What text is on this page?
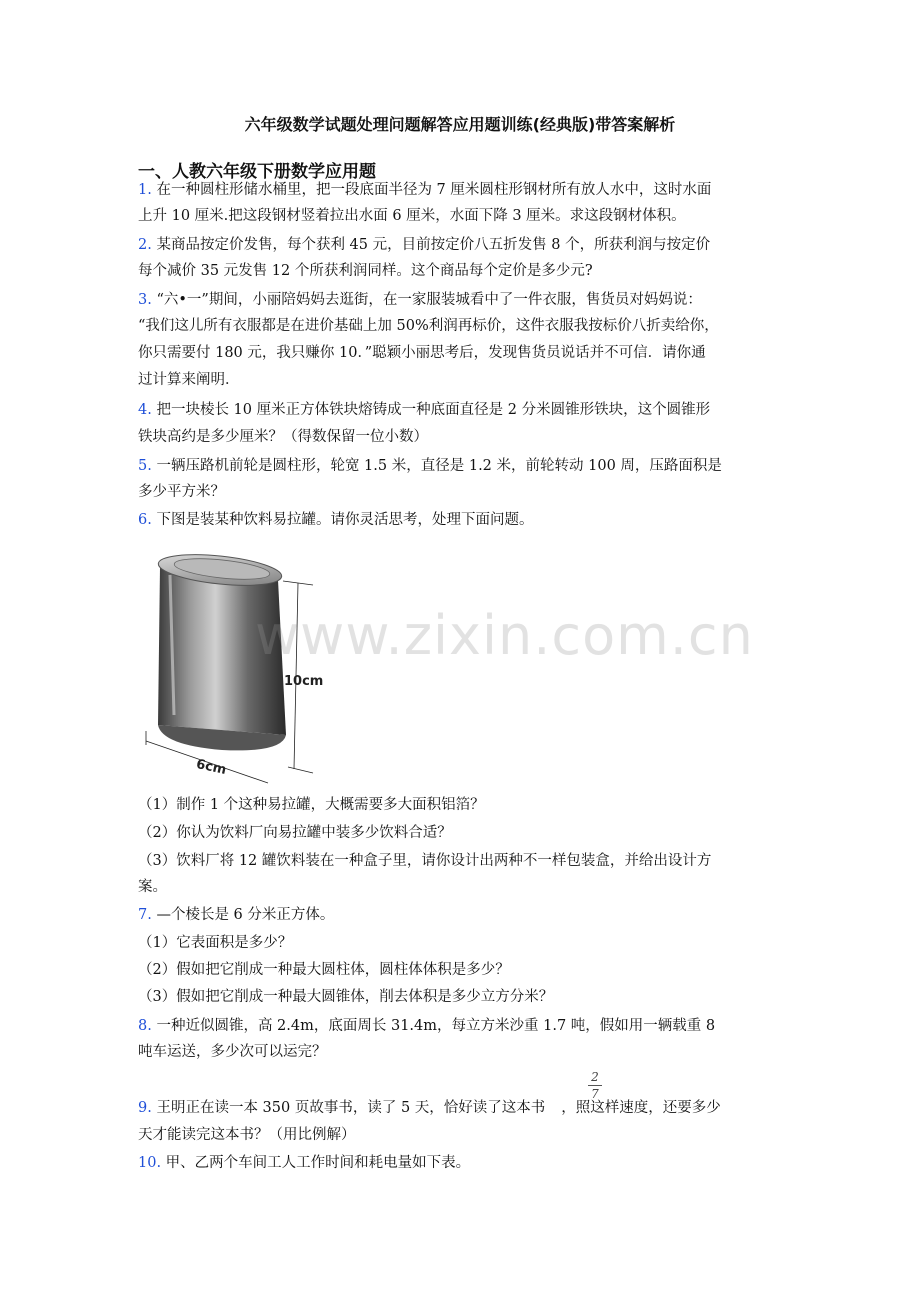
六年级数学试题处理问题解答应用题训练(经典版)带答案解析
一、人教六年级下册数学应用题
1. 在一种圆柱形储水桶里，把一段底面半径为 7 厘米圆柱形钢材所有放人水中，这时水面
上升 10 厘米.把这段钢材竖着拉出水面 6 厘米，水面下降 3 厘米。求这段钢材体积。
2. 某商品按定价发售，每个获利 45 元，目前按定价八五折发售 8 个，所获利润与按定价
每个减价 35 元发售 12 个所获利润同样。这个商品每个定价是多少元?
3. “六•一”期间，小丽陪妈妈去逛街，在一家服装城看中了一件衣服，售货员对妈妈说：
“我们这儿所有衣服都是在进价基础上加 50%利润再标价，这件衣服我按标价八折卖给你，
你只需要付 180 元，我只赚你 10．”聪颖小丽思考后，发现售货员说话并不可信．请你通
过计算来阐明．
4. 把一块棱长 10 厘米正方体铁块熔铸成一种底面直径是 2 分米圆锥形铁块，这个圆锥形
铁块高约是多少厘米？（得数保留一位小数）
5. 一辆压路机前轮是圆柱形，轮宽 1.5 米，直径是 1.2 米，前轮转动 100 周，压路面积是
多少平方米？
6. 下图是装某种饮料易拉罐。请你灵活思考，处理下面问题。
10cm
6cm
www.zixin.com.cn
（1）制作 1 个这种易拉罐，大概需要多大面积铝箔？
（2）你认为饮料厂向易拉罐中装多少饮料合适？
（3）饮料厂将 12 罐饮料装在一种盒子里，请你设计出两种不一样包装盒，并给出设计方
案。
7. —个棱长是 6 分米正方体。
（1）它表面积是多少？
（2）假如把它削成一种最大圆柱体，圆柱体体积是多少？
（3）假如把它削成一种最大圆锥体，削去体积是多少立方分米？
8. 一种近似圆锥，高 2.4m，底面周长 31.4m，每立方米沙重 1.7 吨，假如用一辆载重 8
吨车运送，多少次可以运完？
2
7
9. 王明正在读一本 350 页故事书，读了 5 天，恰好读了这本书 ，照这样速度，还要多少
天才能读完这本书？（用比例解）
10. 甲、乙两个车间工人工作时间和耗电量如下表。
